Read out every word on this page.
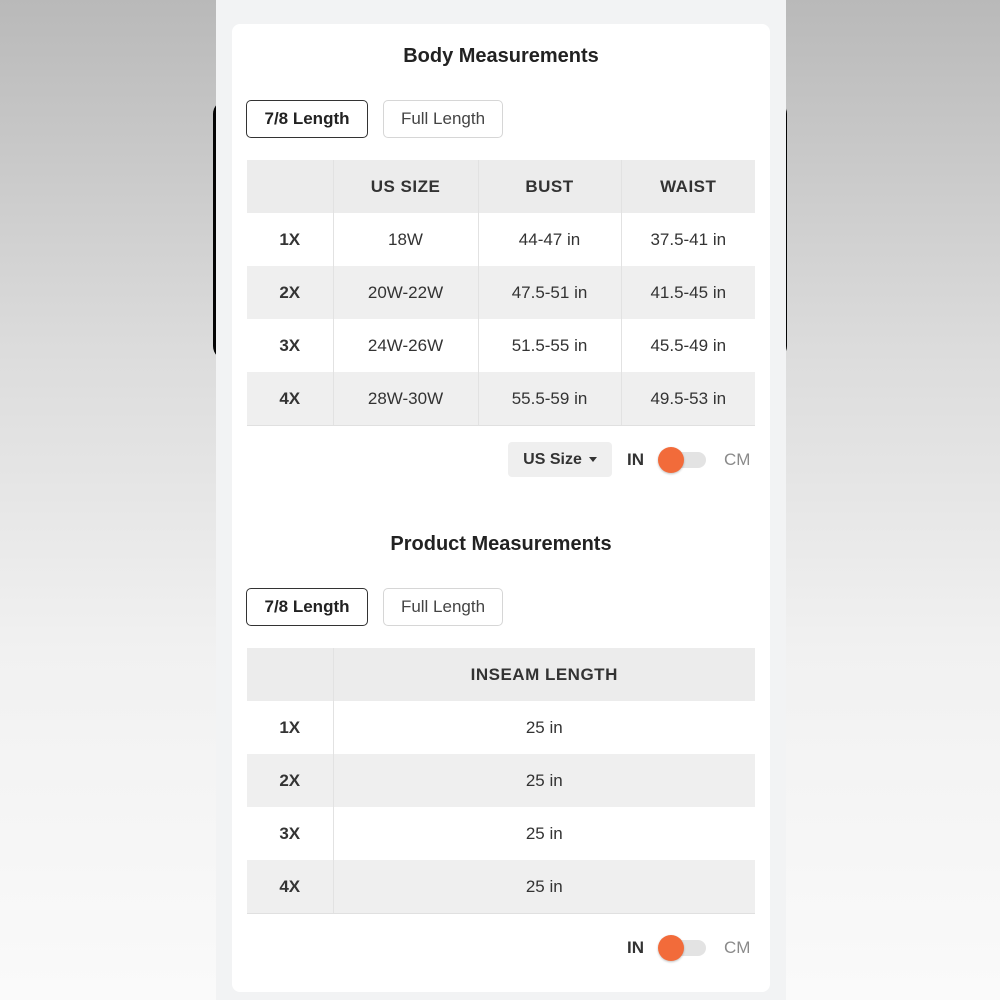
Body Measurements
7/8 Length	Full Length
	US SIZE	BUST	WAIST
1X	18W	44-47 in	37.5-41 in
2X	20W-22W	47.5-51 in	41.5-45 in
3X	24W-26W	51.5-55 in	45.5-49 in
4X	28W-30W	55.5-59 in	49.5-53 in
US Size	IN	CM
Product Measurements
7/8 Length	Full Length
	INSEAM LENGTH
1X	25 in
2X	25 in
3X	25 in
4X	25 in
IN	CM
